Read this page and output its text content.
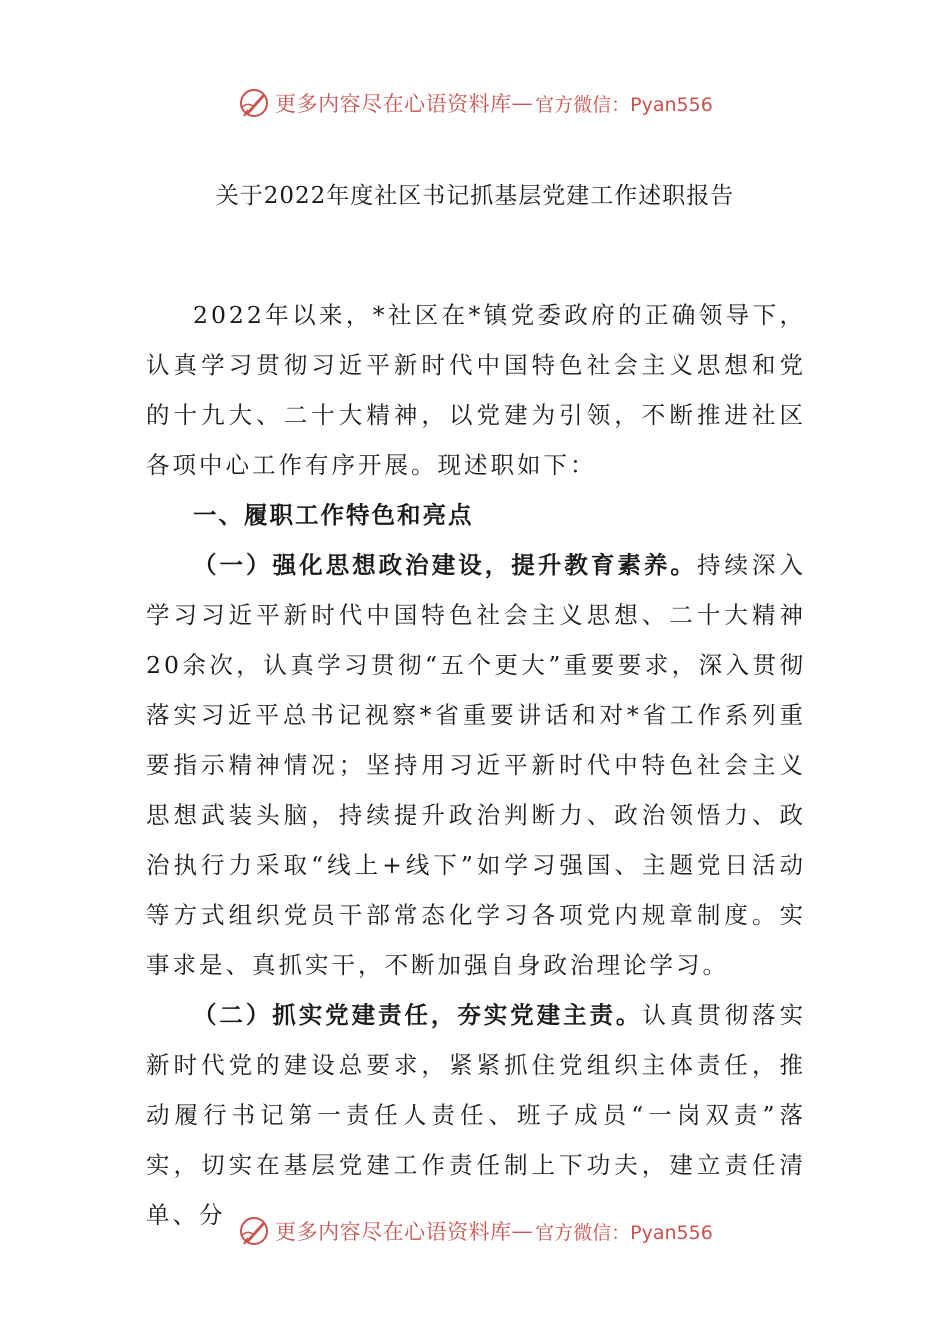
更多内容尽在心语资料库 — 官方微信：Pyan556
关于2022年度社区书记抓基层党建工作述职报告

2022年以来，*社区在*镇党委政府的正确领导下，认真学习贯彻习近平新时代中国特色社会主义思想和党的十九大、二十大精神，以党建为引领，不断推进社区各项中心工作有序开展。现述职如下：

一、履职工作特色和亮点

（一）强化思想政治建设，提升教育素养。持续深入学习习近平新时代中国特色社会主义思想、二十大精神20余次，认真学习贯彻“五个更大”重要要求，深入贯彻落实习近平总书记视察*省重要讲话和对*省工作系列重要指示精神情况；坚持用习近平新时代中特色社会主义思想武装头脑，持续提升政治判断力、政治领悟力、政治执行力采取“线上+线下”如学习强国、主题党日活动等方式组织党员干部常态化学习各项党内规章制度。实事求是、真抓实干，不断加强自身政治理论学习。

（二）抓实党建责任，夯实党建主责。认真贯彻落实新时代党的建设总要求，紧紧抓住党组织主体责任，推动履行书记第一责任人责任、班子成员“一岗双责”落实，切实在基层党建工作责任制上下功夫，建立责任清单、分

更多内容尽在心语资料库 — 官方微信：Pyan556
